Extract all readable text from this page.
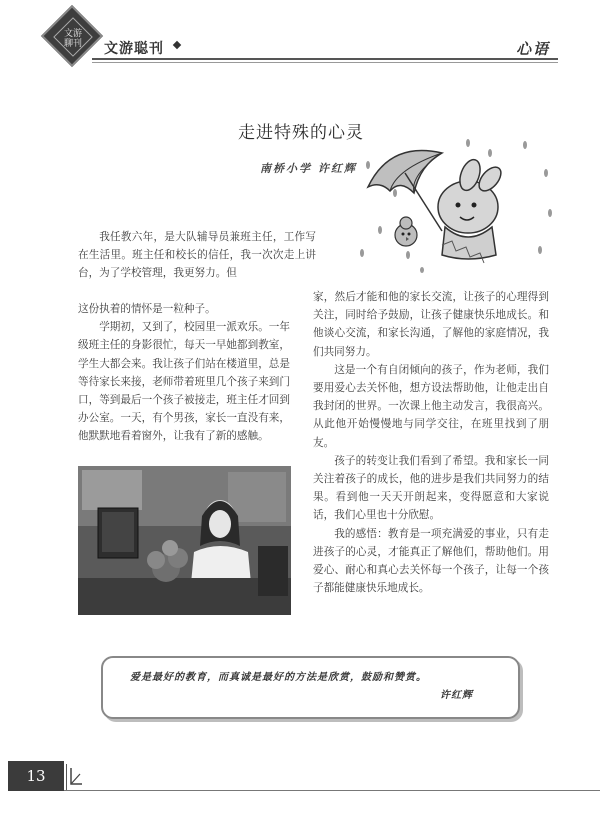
文游
聊刊	文游聪刊	心语
走进特殊的心灵
南桥小学 许红辉

我任教六年，是大队辅导员兼班主任，工作写在生活里。班主任和校长的信任，我一次次走上讲台，为了学校管理，我更努力。但

这份执着的情怀是一粒种子。

学期初，又到了，校园里一派欢乐。一年级班主任的身影很忙，每天一早她都到教室，学生大都会来。我让孩子们站在楼道里，总是等待家长来接，老师带着班里几个孩子来到门口，等到最后一个孩子被接走，班主任才回到办公室。一天，有个男孩，家长一直没有来，他默默地看着窗外，让我有了新的感触。

家，然后才能和他的家长交流，让孩子的心理得到关注，同时给予鼓励，让孩子健康快乐地成长。和他谈心交流，和家长沟通，了解他的家庭情况，我们共同努力。

这是一个有自闭倾向的孩子，作为老师，我们要用爱心去关怀他，想方设法帮助他，让他走出自我封闭的世界。一次课上他主动发言，我很高兴。从此他开始慢慢地与同学交往，在班里找到了朋友。

孩子的转变让我们看到了希望。我和家长一同关注着孩子的成长，他的进步是我们共同努力的结果。看到他一天天开朗起来，变得愿意和大家说话，我们心里也十分欣慰。

我的感悟：教育是一项充满爱的事业，只有走进孩子的心灵，才能真正了解他们，帮助他们。用爱心、耐心和真心去关怀每一个孩子，让每一个孩子都能健康快乐地成长。

爱是最好的教育，而真诚是最好的方法是欣赏，鼓励和赞赏。
许红辉
13
